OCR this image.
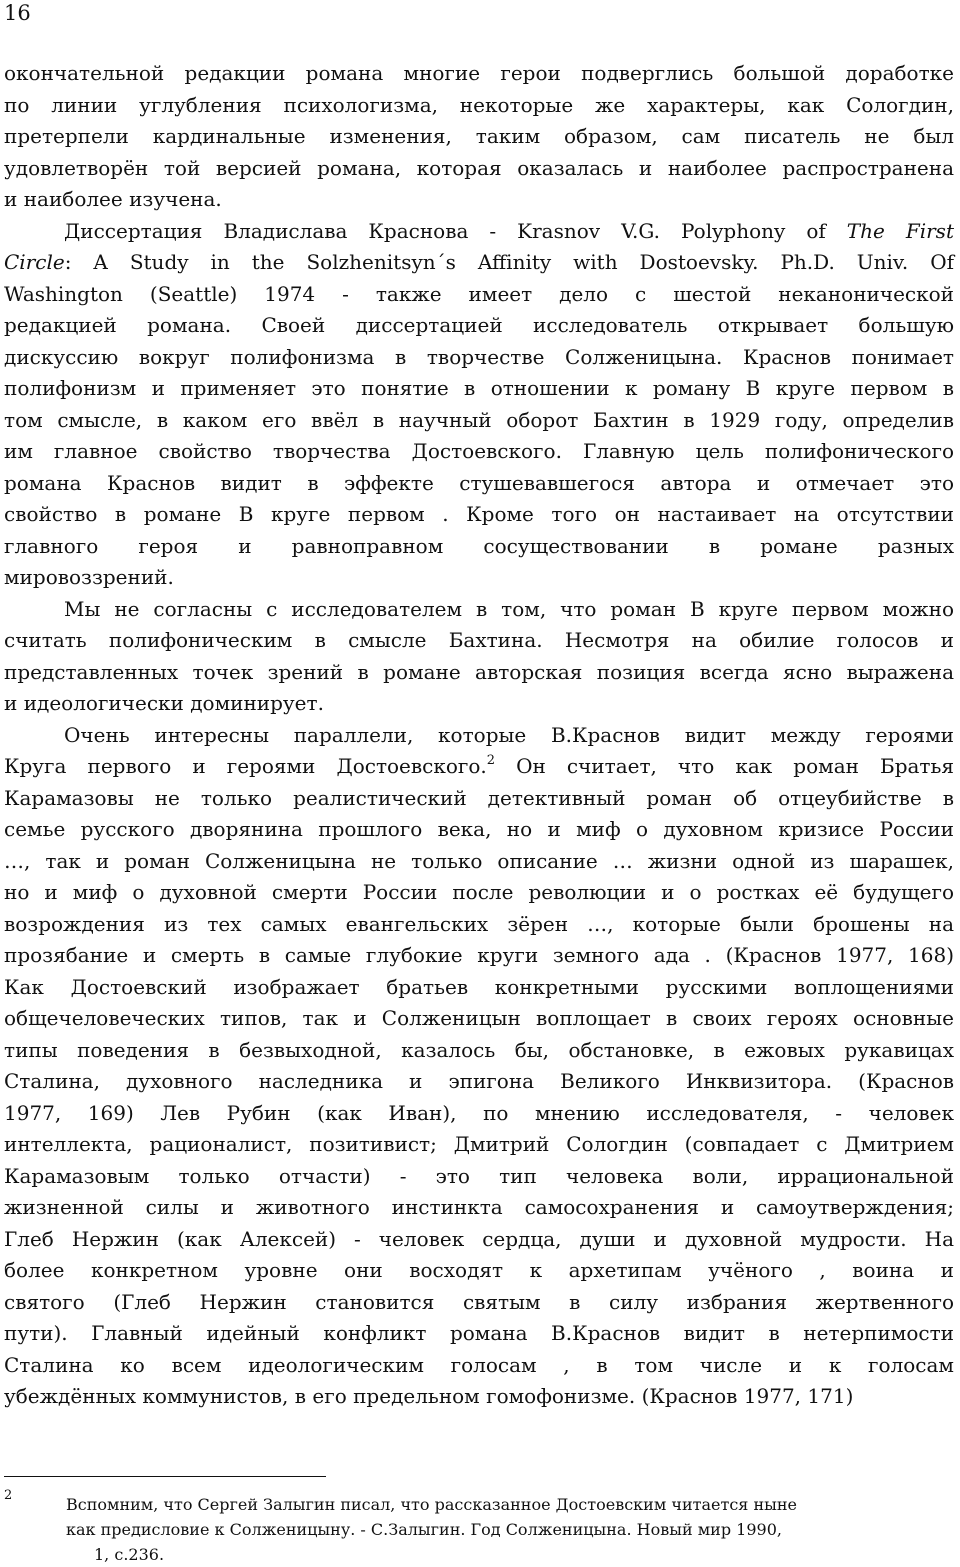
16
окончательной редакции романа многие герои подверглись большой доработке
по линии углубления психологизма, некоторые же характеры, как Сологдин,
претерпели кардинальные изменения, таким образом, сам писатель не был
удовлетворён той версией романа, которая оказалась и наиболее распространена
и наиболее изучена.
Диссертация Владислава Краснова - Krasnov V.G. Polyphony of The First
Circle: A Study in the Solzhenitsyn´s Affinity with Dostoevsky. Ph.D. Univ. Of
Washington (Seattle) 1974 - также имеет дело с шестой неканонической
редакцией романа. Своей диссертацией исследователь открывает большую
дискуссию вокруг полифонизма в творчестве Солженицына. Краснов понимает
полифонизм и применяет это понятие в отношении к роману В круге первом в
том смысле, в каком его ввёл в научный оборот Бахтин в 1929 году, определив
им главное свойство творчества Достоевского. Главную цель полифонического
романа Краснов видит в эффекте стушевавшегося автора и отмечает это
свойство в романе В круге первом . Кроме того он настаивает на отсутствии
главного героя и равноправном сосуществовании в романе разных
мировоззрений.
Мы не согласны с исследователем в том, что роман В круге первом можно
считать полифоническим в смысле Бахтина. Несмотря на обилие голосов и
представленных точек зрений в романе авторская позиция всегда ясно выражена
и идеологически доминирует.
Очень интересны параллели, которые В.Краснов видит между героями
Круга первого и героями Достоевского.$^2$ Он считает, что как роман Братья
Карамазовы не только реалистический детективный роман об отцеубийстве в
семье русского дворянина прошлого века, но и миф о духовном кризисе России
…, так и роман Солженицына не только описание … жизни одной из шарашек,
но и миф о духовной смерти России после революции и о ростках её будущего
возрождения из тех самых евангельских зёрен …, которые были брошены на
прозябание и смерть в самые глубокие круги земного ада . (Краснов 1977, 168)
Как Достоевский изображает братьев конкретными русскими воплощениями
общечеловеческих типов, так и Солженицын воплощает в своих героях основные
типы поведения в безвыходной, казалось бы, обстановке, в ежовых рукавицах
Сталина, духовного наследника и эпигона Великого Инквизитора. (Краснов
1977, 169) Лев Рубин (как Иван), по мнению исследователя, - человек
интеллекта, рационалист, позитивист; Дмитрий Сологдин (совпадает с Дмитрием
Карамазовым только отчасти) - это тип человека воли, иррациональной
жизненной силы и животного инстинкта самосохранения и самоутверждения;
Глеб Нержин (как Алексей) - человек сердца, души и духовной мудрости. На
более конкретном уровне они восходят к архетипам учёного , воина и
святого (Глеб Нержин становится святым в силу избрания жертвенного
пути). Главный идейный конфликт романа В.Краснов видит в нетерпимости
Сталина ко всем идеологическим голосам , в том числе и к голосам
убеждённых коммунистов, в его предельном гомофонизме. (Краснов 1977, 171)
2	Вспомним, что Сергей Залыгин писал, что рассказанное Достоевским читается ныне
как предисловие к Солженицыну. - С.Залыгин. Год Солженицына. Новый мир 1990,
1, с.236.
